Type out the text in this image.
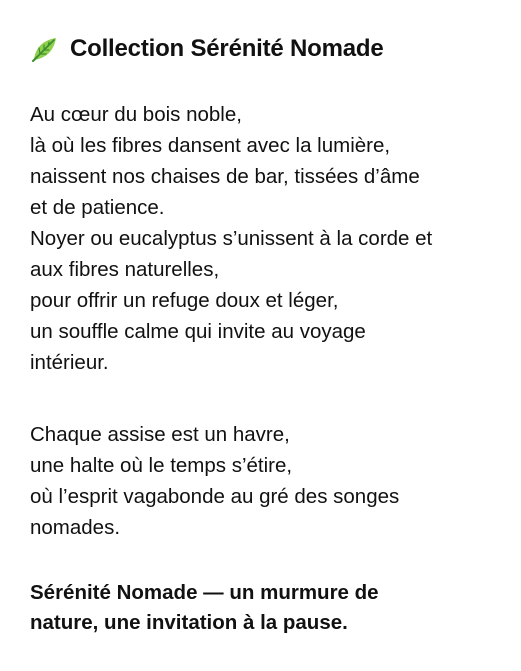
Collection Sérénité Nomade
Au cœur du bois noble,
là où les fibres dansent avec la lumière,
naissent nos chaises de bar, tissées d’âme
et de patience.
Noyer ou eucalyptus s’unissent à la corde et
aux fibres naturelles,
pour offrir un refuge doux et léger,
un souffle calme qui invite au voyage
intérieur.
Chaque assise est un havre,
une halte où le temps s’étire,
où l’esprit vagabonde au gré des songes
nomades.
Sérénité Nomade — un murmure de
nature, une invitation à la pause.
